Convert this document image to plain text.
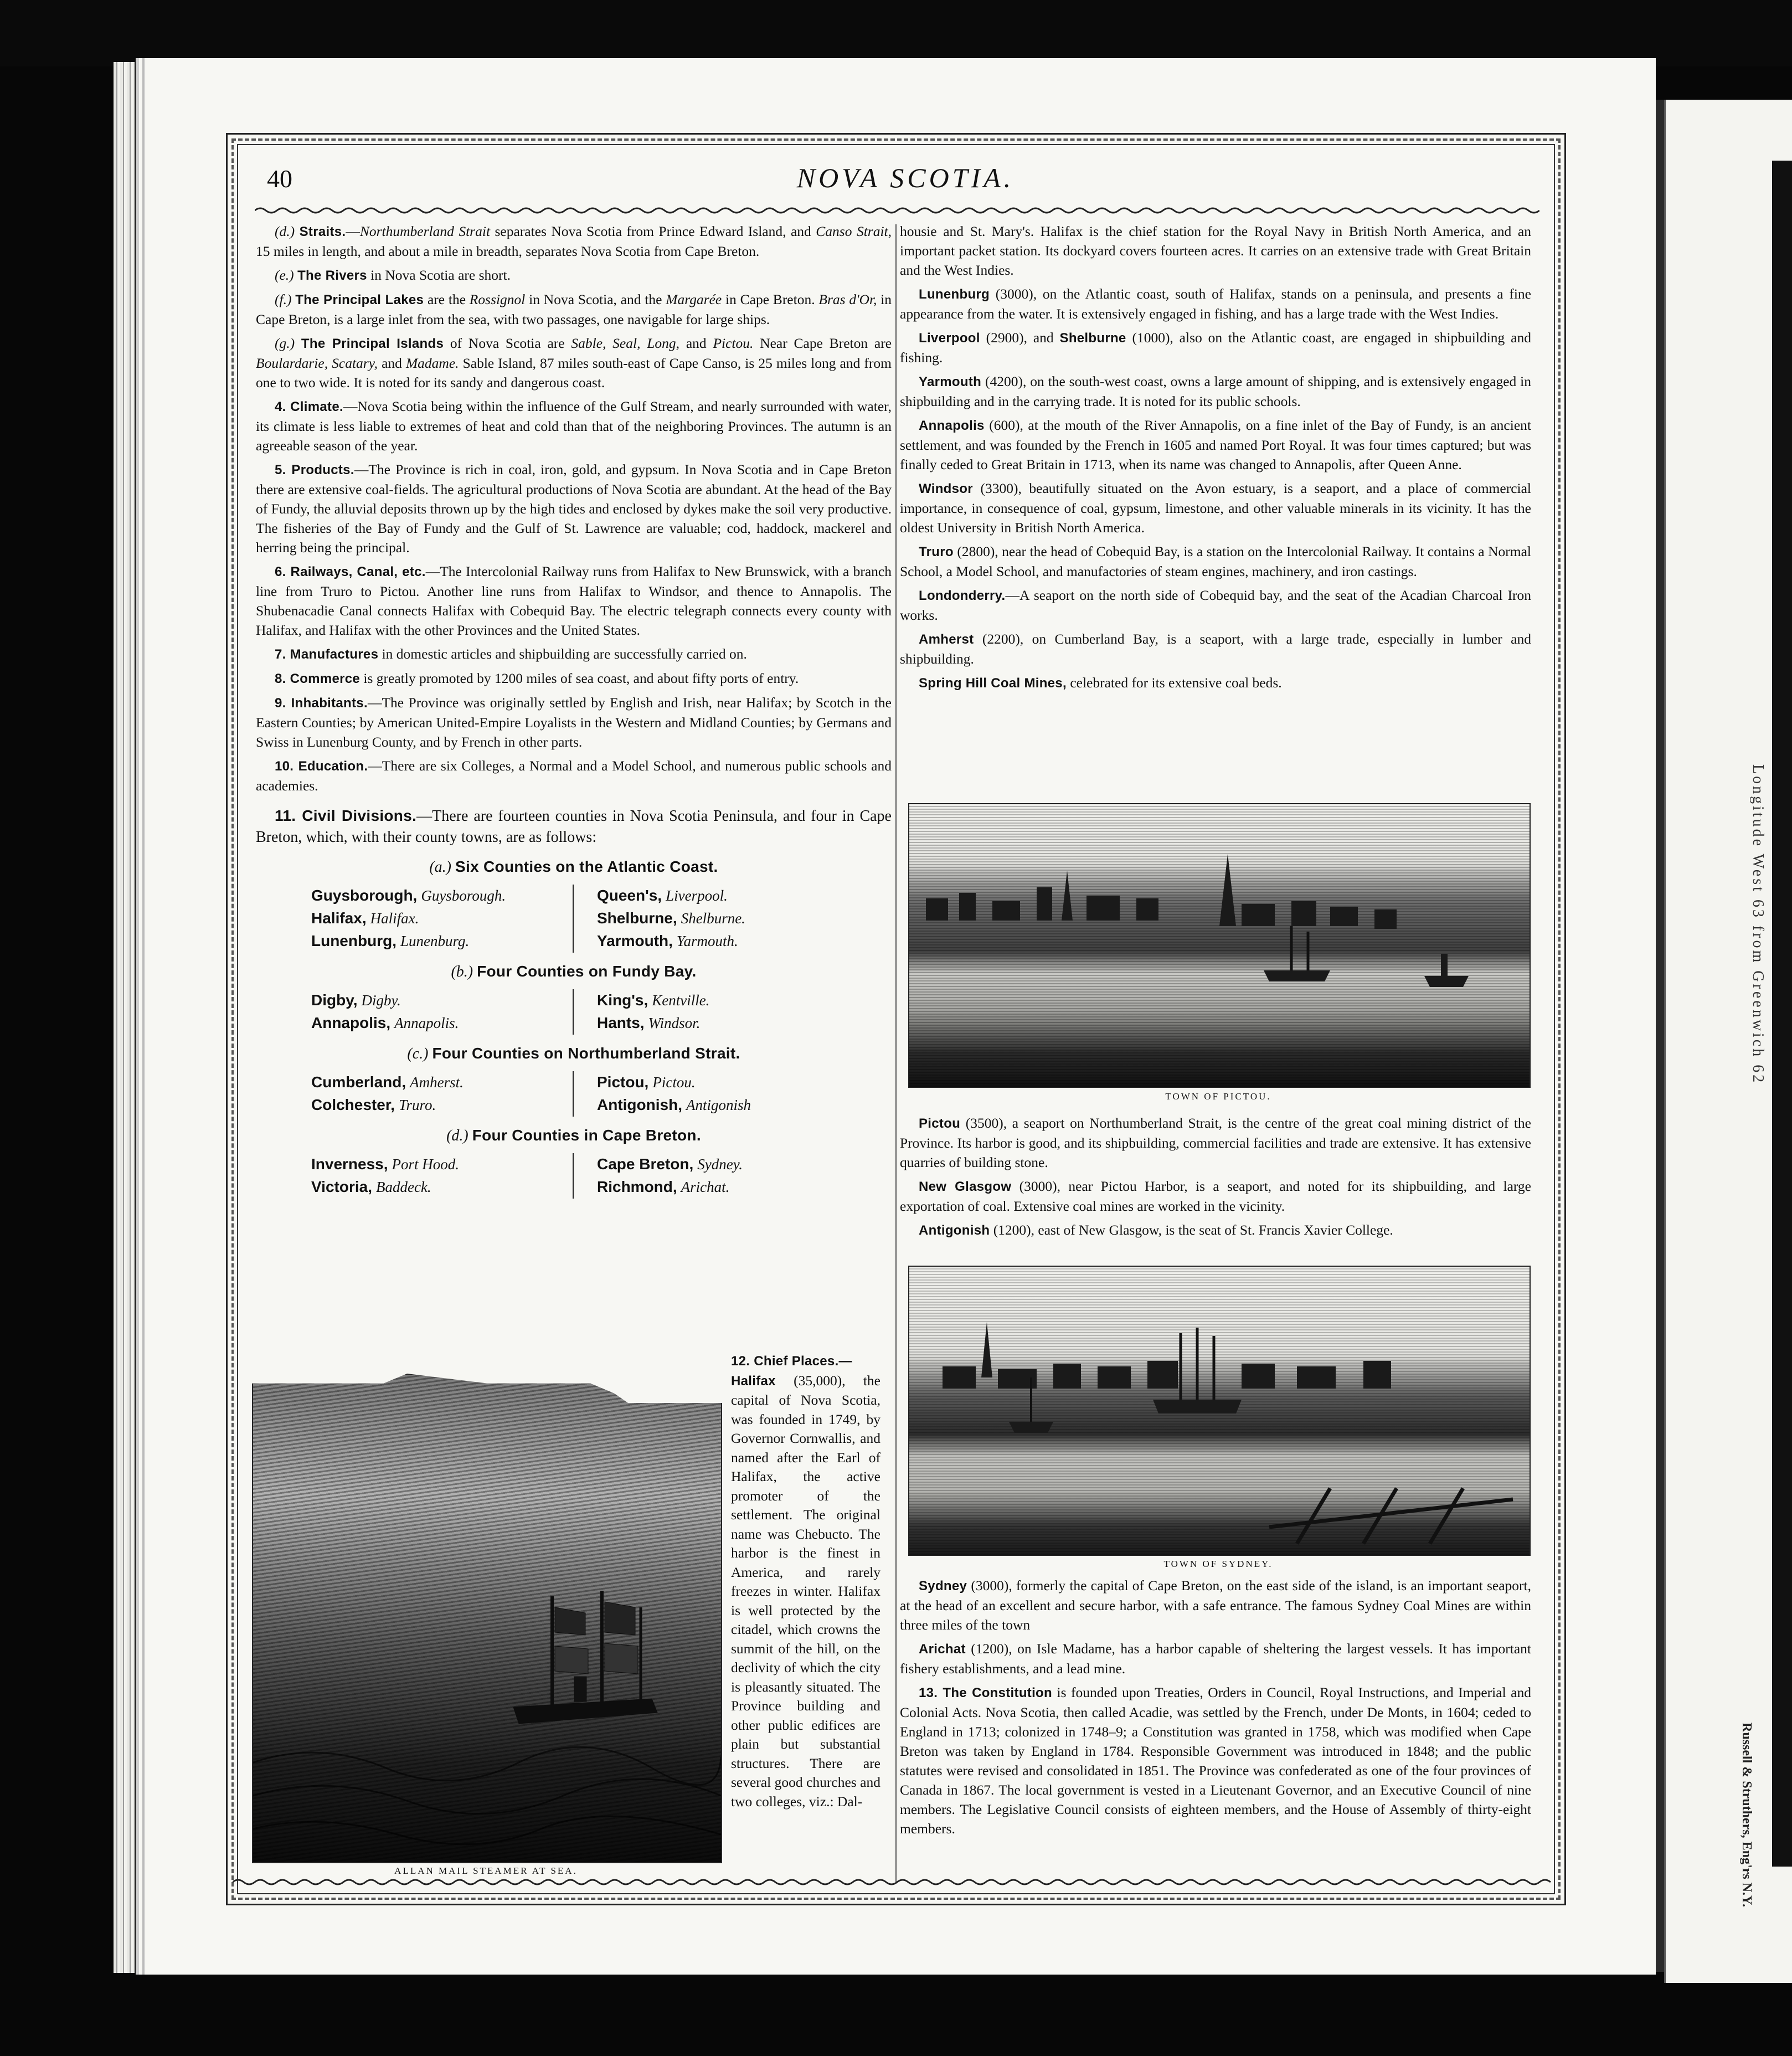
Longitude West 63 from Greenwich 62
Russell & Struthers, Eng'rs N.Y.
40	NOVA SCOTIA.

(d.) Straits.—Northumberland Strait separates Nova Scotia from Prince Edward Island, and Canso Strait, 15 miles in length, and about a mile in breadth, separates Nova Scotia from Cape Breton.

(e.) The Rivers in Nova Scotia are short.

(f.) The Principal Lakes are the Rossignol in Nova Scotia, and the Margarée in Cape Breton. Bras d'Or, in Cape Breton, is a large inlet from the sea, with two passages, one navigable for large ships.

(g.) The Principal Islands of Nova Scotia are Sable, Seal, Long, and Pictou. Near Cape Breton are Boulardarie, Scatary, and Madame. Sable Island, 87 miles south-east of Cape Canso, is 25 miles long and from one to two wide. It is noted for its sandy and dangerous coast.

4. Climate.—Nova Scotia being within the influence of the Gulf Stream, and nearly surrounded with water, its climate is less liable to extremes of heat and cold than that of the neighboring Provinces. The autumn is an agreeable season of the year.

5. Products.—The Province is rich in coal, iron, gold, and gypsum. In Nova Scotia and in Cape Breton there are extensive coal-fields. The agricultural productions of Nova Scotia are abundant. At the head of the Bay of Fundy, the alluvial deposits thrown up by the high tides and enclosed by dykes make the soil very productive. The fisheries of the Bay of Fundy and the Gulf of St. Lawrence are valuable; cod, haddock, mackerel and herring being the principal.

6. Railways, Canal, etc.—The Intercolonial Railway runs from Halifax to New Brunswick, with a branch line from Truro to Pictou. Another line runs from Halifax to Windsor, and thence to Annapolis. The Shubenacadie Canal connects Halifax with Cobequid Bay. The electric telegraph connects every county with Halifax, and Halifax with the other Provinces and the United States.

7. Manufactures in domestic articles and shipbuilding are successfully carried on.

8. Commerce is greatly promoted by 1200 miles of sea coast, and about fifty ports of entry.

9. Inhabitants.—The Province was originally settled by English and Irish, near Halifax; by Scotch in the Eastern Counties; by American United-Empire Loyalists in the Western and Midland Counties; by Germans and Swiss in Lunenburg County, and by French in other parts.

10. Education.—There are six Colleges, a Normal and a Model School, and numerous public schools and academies.

11. Civil Divisions.—There are fourteen counties in Nova Scotia Peninsula, and four in Cape Breton, which, with their county towns, are as follows:

(a.) Six Counties on the Atlantic Coast.
Guysborough, Guysborough.
Halifax, Halifax.
Lunenburg, Lunenburg.
Queen's, Liverpool.
Shelburne, Shelburne.
Yarmouth, Yarmouth.
(b.) Four Counties on Fundy Bay.
Digby, Digby.
Annapolis, Annapolis.
King's, Kentville.
Hants, Windsor.
(c.) Four Counties on Northumberland Strait.
Cumberland, Amherst.
Colchester, Truro.
Pictou, Pictou.
Antigonish, Antigonish
(d.) Four Counties in Cape Breton.
Inverness, Port Hood.
Victoria, Baddeck.
Cape Breton, Sydney.
Richmond, Arichat.
ALLAN MAIL STEAMER AT SEA.

12. Chief Places.—
Halifax (35,000), the capital of Nova Scotia, was founded in 1749, by Governor Cornwallis, and named after the Earl of Halifax, the active promoter of the settlement. The original name was Chebucto. The harbor is the finest in America, and rarely freezes in winter. Halifax is well protected by the citadel, which crowns the summit of the hill, on the declivity of which the city is pleasantly situated. The Province building and other public edifices are plain but substantial structures. There are several good churches and two colleges, viz.: Dal-

housie and St. Mary's. Halifax is the chief station for the Royal Navy in British North America, and an important packet station. Its dockyard covers fourteen acres. It carries on an extensive trade with Great Britain and the West Indies.

Lunenburg (3000), on the Atlantic coast, south of Halifax, stands on a peninsula, and presents a fine appearance from the water. It is extensively engaged in fishing, and has a large trade with the West Indies.

Liverpool (2900), and Shelburne (1000), also on the Atlantic coast, are engaged in shipbuilding and fishing.

Yarmouth (4200), on the south-west coast, owns a large amount of shipping, and is extensively engaged in shipbuilding and in the carrying trade. It is noted for its public schools.

Annapolis (600), at the mouth of the River Annapolis, on a fine inlet of the Bay of Fundy, is an ancient settlement, and was founded by the French in 1605 and named Port Royal. It was four times captured; but was finally ceded to Great Britain in 1713, when its name was changed to Annapolis, after Queen Anne.

Windsor (3300), beautifully situated on the Avon estuary, is a seaport, and a place of commercial importance, in consequence of coal, gypsum, limestone, and other valuable minerals in its vicinity. It has the oldest University in British North America.

Truro (2800), near the head of Cobequid Bay, is a station on the Intercolonial Railway. It contains a Normal School, a Model School, and manufactories of steam engines, machinery, and iron castings.

Londonderry.—A seaport on the north side of Cobequid bay, and the seat of the Acadian Charcoal Iron works.

Amherst (2200), on Cumberland Bay, is a seaport, with a large trade, especially in lumber and shipbuilding.

Spring Hill Coal Mines, celebrated for its extensive coal beds.

TOWN OF PICTOU.

Pictou (3500), a seaport on Northumberland Strait, is the centre of the great coal mining district of the Province. Its harbor is good, and its shipbuilding, commercial facilities and trade are extensive. It has extensive quarries of building stone.

New Glasgow (3000), near Pictou Harbor, is a seaport, and noted for its shipbuilding, and large exportation of coal. Extensive coal mines are worked in the vicinity.

Antigonish (1200), east of New Glasgow, is the seat of St. Francis Xavier College.

TOWN OF SYDNEY.

Sydney (3000), formerly the capital of Cape Breton, on the east side of the island, is an important seaport, at the head of an excellent and secure harbor, with a safe entrance. The famous Sydney Coal Mines are within three miles of the town

Arichat (1200), on Isle Madame, has a harbor capable of sheltering the largest vessels. It has important fishery establishments, and a lead mine.

13. The Constitution is founded upon Treaties, Orders in Council, Royal Instructions, and Imperial and Colonial Acts. Nova Scotia, then called Acadie, was settled by the French, under De Monts, in 1604; ceded to England in 1713; colonized in 1748–9; a Constitution was granted in 1758, which was modified when Cape Breton was taken by England in 1784. Responsible Government was introduced in 1848; and the public statutes were revised and consolidated in 1851. The Province was confederated as one of the four provinces of Canada in 1867. The local government is vested in a Lieutenant Governor, and an Executive Council of nine members. The Legislative Council consists of eighteen members, and the House of Assembly of thirty-eight members.
